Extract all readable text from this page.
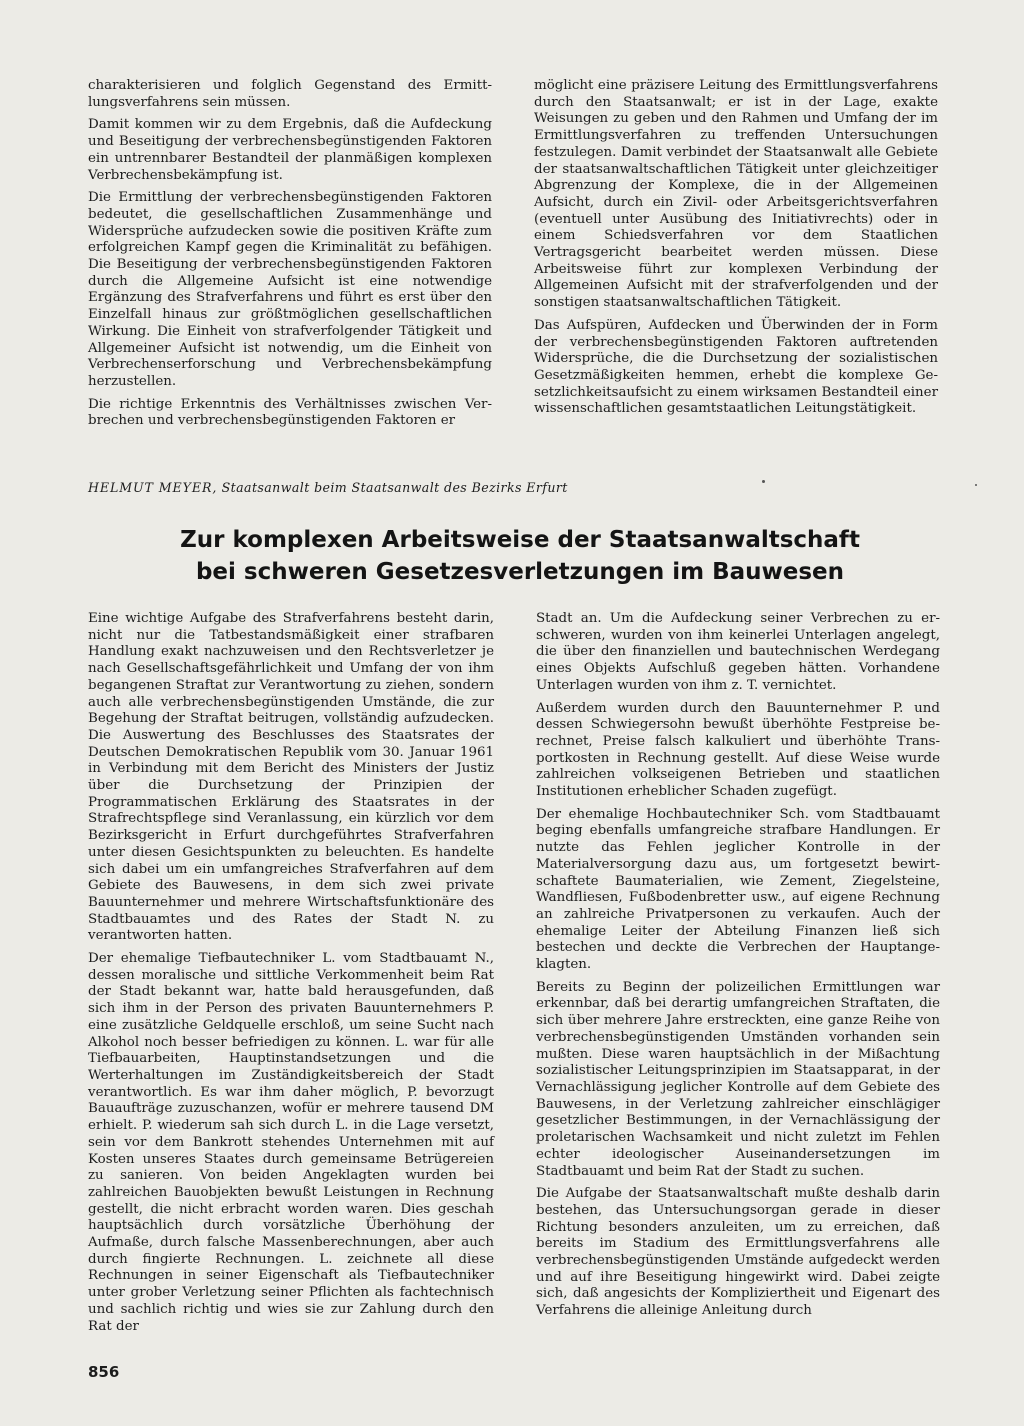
charakterisieren und folglich Gegenstand des Ermittlungsverfahrens sein müssen.

Damit kommen wir zu dem Ergebnis, daß die Aufdeckung und Beseitigung der verbrechensbegünstigenden Faktoren ein untrennbarer Bestandteil der planmäßigen komplexen Verbrechensbekämpfung ist.

Die Ermittlung der verbrechensbegünstigenden Faktoren bedeutet, die gesellschaftlichen Zusammenhänge und Widersprüche aufzudecken sowie die positiven Kräfte zum erfolgreichen Kampf gegen die Kriminalität zu befähigen. Die Beseitigung der verbrechensbegünstigenden Faktoren durch die Allgemeine Aufsicht ist eine notwendige Ergänzung des Strafverfahrens und führt es erst über den Einzelfall hinaus zur größtmöglichen gesellschaftlichen Wirkung. Die Einheit von strafverfolgender Tätigkeit und Allgemeiner Aufsicht ist notwendig, um die Einheit von Verbrechenserforschung und Verbrechensbekämpfung herzustellen.

Die richtige Erkenntnis des Verhältnisses zwischen Verbrechen und verbrechensbegünstigenden Faktoren er

möglicht eine präzisere Leitung des Ermittlungsverfahrens durch den Staatsanwalt; er ist in der Lage, exakte Weisungen zu geben und den Rahmen und Umfang der im Ermittlungsverfahren zu treffenden Untersuchungen festzulegen. Damit verbindet der Staatsanwalt alle Gebiete der staatsanwaltschaftlichen Tätigkeit unter gleichzeitiger Abgrenzung der Komplexe, die in der Allgemeinen Aufsicht, durch ein Zivil- oder Arbeitsgerichtsverfahren (eventuell unter Ausübung des Initiativrechts) oder in einem Schiedsverfahren vor dem Staatlichen Vertragsgericht bearbeitet werden müssen. Diese Arbeitsweise führt zur komplexen Verbindung der Allgemeinen Aufsicht mit der strafverfolgenden und der sonstigen staatsanwaltschaftlichen Tätigkeit.

Das Aufspüren, Aufdecken und Überwinden der in Form der verbrechensbegünstigenden Faktoren auftretenden Widersprüche, die die Durchsetzung der sozialistischen Gesetzmäßigkeiten hemmen, erhebt die komplexe Gesetzlichkeitsaufsicht zu einem wirksamen Bestandteil einer wissenschaftlichen gesamtstaatlichen Leitungstätigkeit.

HELMUT MEYER, Staatsanwalt beim Staatsanwalt des Bezirks Erfurt
Zur komplexen Arbeitsweise der Staatsanwaltschaft
bei schweren Gesetzesverletzungen im Bauwesen

Eine wichtige Aufgabe des Strafverfahrens besteht darin, nicht nur die Tatbestandsmäßigkeit einer strafbaren Handlung exakt nachzuweisen und den Rechtsverletzer je nach Gesellschaftsgefährlichkeit und Umfang der von ihm begangenen Straftat zur Verantwortung zu ziehen, sondern auch alle verbrechensbegünstigenden Umstände, die zur Begehung der Straftat beitrugen, vollständig aufzudecken. Die Auswertung des Beschlusses des Staatsrates der Deutschen Demokratischen Republik vom 30. Januar 1961 in Verbindung mit dem Bericht des Ministers der Justiz über die Durchsetzung der Prinzipien der Programmatischen Erklärung des Staatsrates in der Strafrechtspflege sind Veranlassung, ein kürzlich vor dem Bezirksgericht in Erfurt durchgeführtes Strafverfahren unter diesen Gesichtspunkten zu beleuchten. Es handelte sich dabei um ein umfangreiches Strafverfahren auf dem Gebiete des Bauwesens, in dem sich zwei private Bauunternehmer und mehrere Wirtschaftsfunktionäre des Stadtbauamtes und des Rates der Stadt N. zu verantworten hatten.

Der ehemalige Tiefbautechniker L. vom Stadtbauamt N., dessen moralische und sittliche Verkommenheit beim Rat der Stadt bekannt war, hatte bald herausgefunden, daß sich ihm in der Person des privaten Bauunternehmers P. eine zusätzliche Geldquelle erschloß, um seine Sucht nach Alkohol noch besser befriedigen zu können. L. war für alle Tiefbauarbeiten, Hauptinstandsetzungen und die Werterhaltungen im Zuständigkeitsbereich der Stadt verantwortlich. Es war ihm daher möglich, P. bevorzugt Bauaufträge zuzuschanzen, wofür er mehrere tausend DM erhielt. P. wiederum sah sich durch L. in die Lage versetzt, sein vor dem Bankrott stehendes Unternehmen mit auf Kosten unseres Staates durch gemeinsame Betrügereien zu sanieren. Von beiden Angeklagten wurden bei zahlreichen Bauobjekten bewußt Leistungen in Rechnung gestellt, die nicht erbracht worden waren. Dies geschah hauptsächlich durch vorsätzliche Überhöhung der Aufmaße, durch falsche Massenberechnungen, aber auch durch fingierte Rechnungen. L. zeichnete all diese Rechnungen in seiner Eigenschaft als Tiefbautechniker unter grober Verletzung seiner Pflichten als fachtechnisch und sachlich richtig und wies sie zur Zahlung durch den Rat der

Stadt an. Um die Aufdeckung seiner Verbrechen zu erschweren, wurden von ihm keinerlei Unterlagen angelegt, die über den finanziellen und bautechnischen Werdegang eines Objekts Aufschluß gegeben hätten. Vorhandene Unterlagen wurden von ihm z. T. vernichtet.

Außerdem wurden durch den Bauunternehmer P. und dessen Schwiegersohn bewußt überhöhte Festpreise berechnet, Preise falsch kalkuliert und überhöhte Transportkosten in Rechnung gestellt. Auf diese Weise wurde zahlreichen volkseigenen Betrieben und staatlichen Institutionen erheblicher Schaden zugefügt.

Der ehemalige Hochbautechniker Sch. vom Stadtbauamt beging ebenfalls umfangreiche strafbare Handlungen. Er nutzte das Fehlen jeglicher Kontrolle in der Materialversorgung dazu aus, um fortgesetzt bewirtschaftete Baumaterialien, wie Zement, Ziegelsteine, Wandfliesen, Fußbodenbretter usw., auf eigene Rechnung an zahlreiche Privatpersonen zu verkaufen. Auch der ehemalige Leiter der Abteilung Finanzen ließ sich bestechen und deckte die Verbrechen der Hauptangeklagten.

Bereits zu Beginn der polizeilichen Ermittlungen war erkennbar, daß bei derartig umfangreichen Straftaten, die sich über mehrere Jahre erstreckten, eine ganze Reihe von verbrechensbegünstigenden Umständen vorhanden sein mußten. Diese waren hauptsächlich in der Mißachtung sozialistischer Leitungsprinzipien im Staatsapparat, in der Vernachlässigung jeglicher Kontrolle auf dem Gebiete des Bauwesens, in der Verletzung zahlreicher einschlägiger gesetzlicher Bestimmungen, in der Vernachlässigung der proletarischen Wachsamkeit und nicht zuletzt im Fehlen echter ideologischer Auseinandersetzungen im Stadtbauamt und beim Rat der Stadt zu suchen.

Die Aufgabe der Staatsanwaltschaft mußte deshalb darin bestehen, das Untersuchungsorgan gerade in dieser Richtung besonders anzuleiten, um zu erreichen, daß bereits im Stadium des Ermittlungsverfahrens alle verbrechensbegünstigenden Umstände aufgedeckt werden und auf ihre Beseitigung hingewirkt wird. Dabei zeigte sich, daß angesichts der Kompliziertheit und Eigenart des Verfahrens die alleinige Anleitung durch

856
